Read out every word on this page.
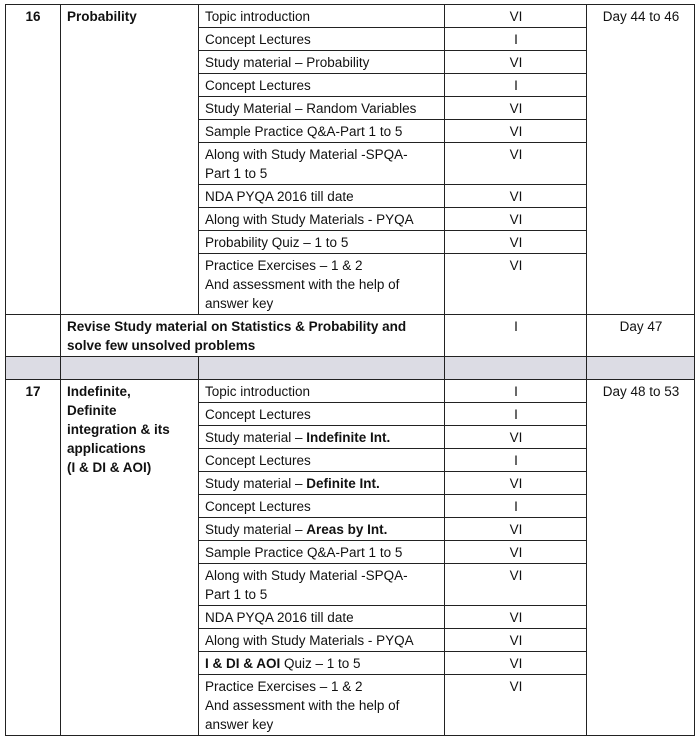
16	Probability	Topic introduction	VI	Day 44 to 46
		Concept Lectures	I	
		Study material – Probability	VI	
		Concept Lectures	I	
		Study Material – Random Variables	VI	
		Sample Practice Q&A-Part 1 to 5	VI	

		Along with Study Material -SPQA-
Part 1 to 5	VI	
		NDA PYQA 2016 till date	VI	
		Along with Study Materials - PYQA	VI	
		Probability Quiz – 1 to 5	VI	

		Practice Exercises – 1 & 2
And assessment with the help of
answer key	VI	

	Revise Study material on Statistics & Probability and
solve few unsolved problems		I	Day 47

17	Indefinite,
Definite
integration & its
applications
(I & DI & AOI)	Topic introduction	I	Day 48 to 53
		Concept Lectures	I	
		Study material – Indefinite Int.	VI	
		Concept Lectures	I	
		Study material – Definite Int.	VI	
		Concept Lectures	I	
		Study material – Areas by Int.	VI	
		Sample Practice Q&A-Part 1 to 5	VI	

		Along with Study Material -SPQA-
Part 1 to 5	VI	
		NDA PYQA 2016 till date	VI	
		Along with Study Materials - PYQA	VI	
		I & DI & AOI Quiz – 1 to 5	VI	

		Practice Exercises – 1 & 2
And assessment with the help of
answer key	VI	
